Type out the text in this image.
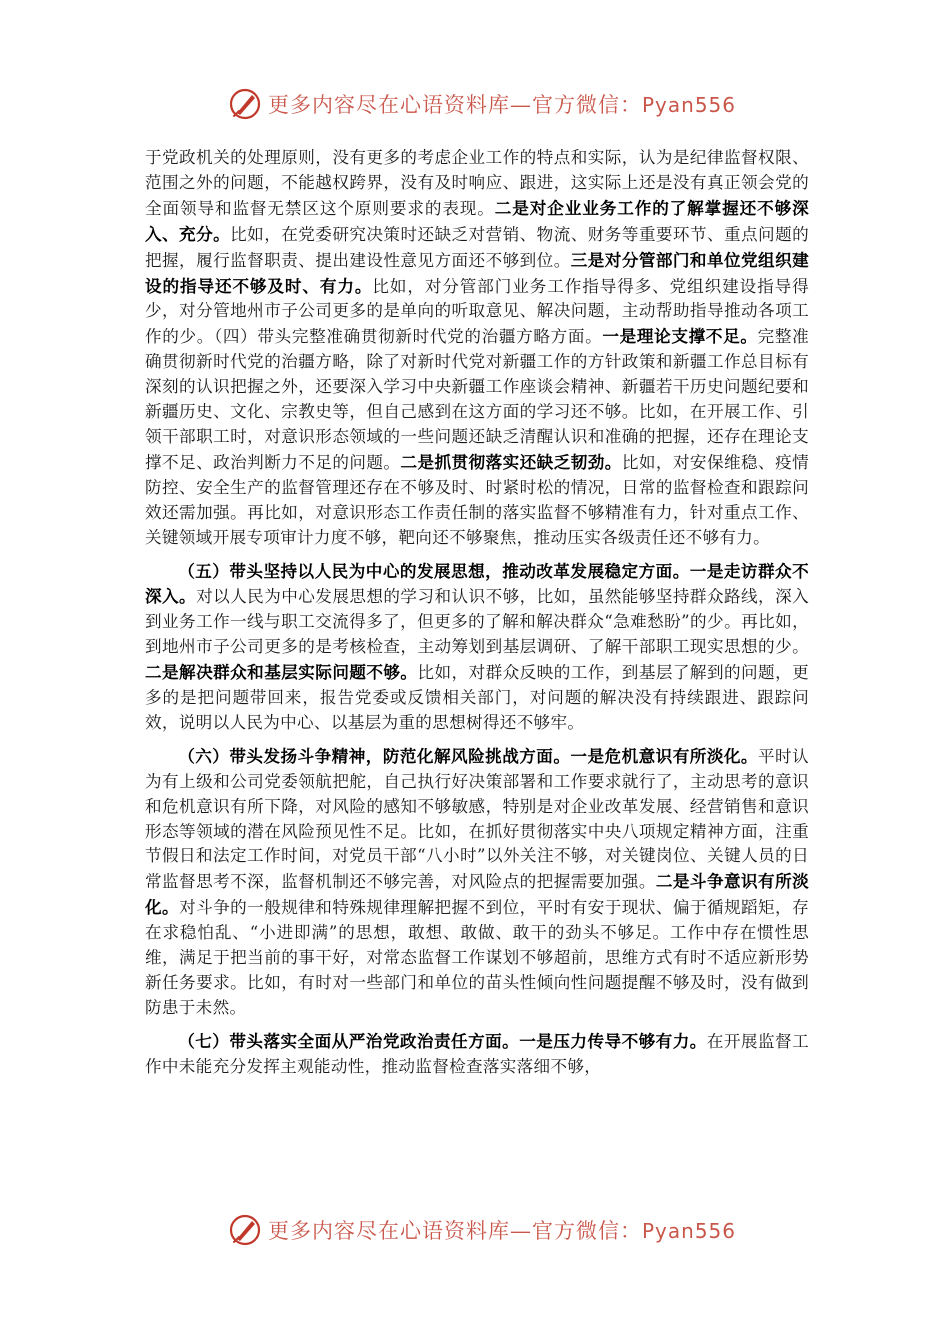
更多内容尽在心语资料库—官方微信：Pyan556

于党政机关的处理原则，没有更多的考虑企业工作的特点和实际，认为是纪律监督权限、范围之外的问题，不能越权跨界，没有及时响应、跟进，这实际上还是没有真正领会党的全面领导和监督无禁区这个原则要求的表现。二是对企业业务工作的了解掌握还不够深入、充分。比如，在党委研究决策时还缺乏对营销、物流、财务等重要环节、重点问题的把握，履行监督职责、提出建设性意见方面还不够到位。三是对分管部门和单位党组织建设的指导还不够及时、有力。比如，对分管部门业务工作指导得多、党组织建设指导得少，对分管地州市子公司更多的是单向的听取意见、解决问题，主动帮助指导推动各项工作的少。（四）带头完整准确贯彻新时代党的治疆方略方面。一是理论支撑不足。完整准确贯彻新时代党的治疆方略，除了对新时代党对新疆工作的方针政策和新疆工作总目标有深刻的认识把握之外，还要深入学习中央新疆工作座谈会精神、新疆若干历史问题纪要和新疆历史、文化、宗教史等，但自己感到在这方面的学习还不够。比如，在开展工作、引领干部职工时，对意识形态领域的一些问题还缺乏清醒认识和准确的把握，还存在理论支撑不足、政治判断力不足的问题。二是抓贯彻落实还缺乏韧劲。比如，对安保维稳、疫情防控、安全生产的监督管理还存在不够及时、时紧时松的情况，日常的监督检查和跟踪问效还需加强。再比如，对意识形态工作责任制的落实监督不够精准有力，针对重点工作、关键领域开展专项审计力度不够，靶向还不够聚焦，推动压实各级责任还不够有力。

（五）带头坚持以人民为中心的发展思想，推动改革发展稳定方面。一是走访群众不深入。对以人民为中心发展思想的学习和认识不够，比如，虽然能够坚持群众路线，深入到业务工作一线与职工交流得多了，但更多的了解和解决群众“急难愁盼”的少。再比如，到地州市子公司更多的是考核检查，主动筹划到基层调研、了解干部职工现实思想的少。二是解决群众和基层实际问题不够。比如，对群众反映的工作，到基层了解到的问题，更多的是把问题带回来，报告党委或反馈相关部门，对问题的解决没有持续跟进、跟踪问效，说明以人民为中心、以基层为重的思想树得还不够牢。

（六）带头发扬斗争精神，防范化解风险挑战方面。一是危机意识有所淡化。平时认为有上级和公司党委领航把舵，自己执行好决策部署和工作要求就行了，主动思考的意识和危机意识有所下降，对风险的感知不够敏感，特别是对企业改革发展、经营销售和意识形态等领域的潜在风险预见性不足。比如，在抓好贯彻落实中央八项规定精神方面，注重节假日和法定工作时间，对党员干部“八小时”以外关注不够，对关键岗位、关键人员的日常监督思考不深，监督机制还不够完善，对风险点的把握需要加强。二是斗争意识有所淡化。对斗争的一般规律和特殊规律理解把握不到位，平时有安于现状、偏于循规蹈矩，存在求稳怕乱、“小进即满”的思想，敢想、敢做、敢干的劲头不够足。工作中存在惯性思维，满足于把当前的事干好，对常态监督工作谋划不够超前，思维方式有时不适应新形势新任务要求。比如，有时对一些部门和单位的苗头性倾向性问题提醒不够及时，没有做到防患于未然。

（七）带头落实全面从严治党政治责任方面。一是压力传导不够有力。在开展监督工作中未能充分发挥主观能动性，推动监督检查落实落细不够，

更多内容尽在心语资料库—官方微信：Pyan556
